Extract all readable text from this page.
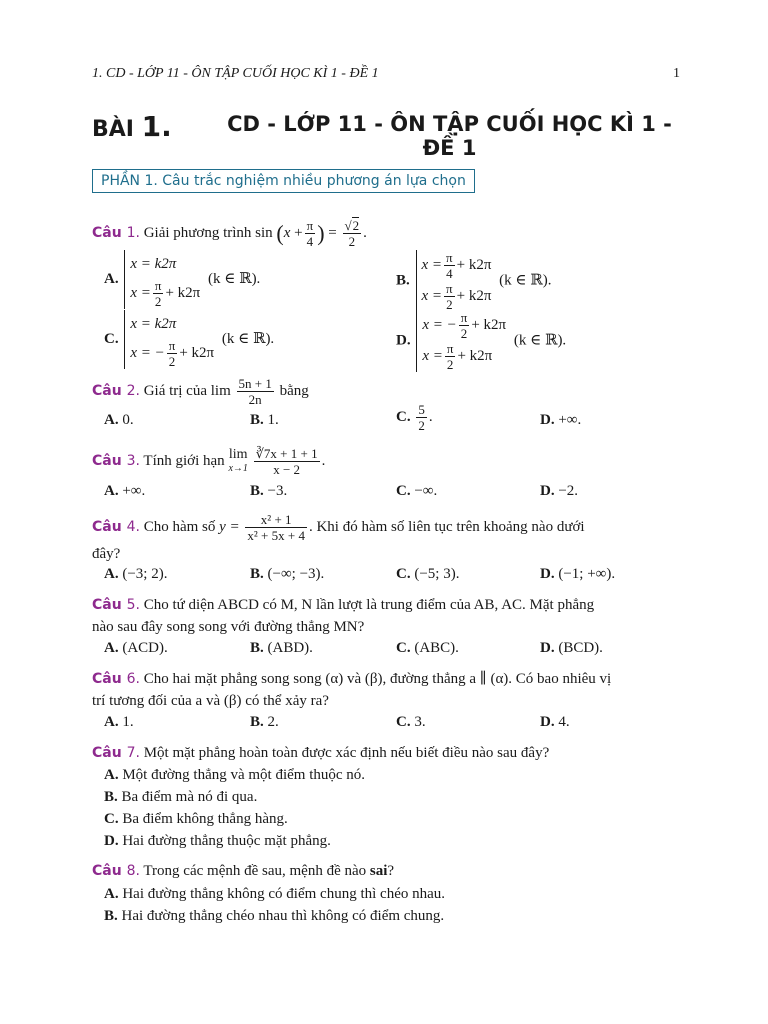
1. CD - LỚP 11 - ÔN TẬP CUỐI HỌC KÌ 1 - ĐỀ 1	1
BÀI 1.	CD - LỚP 11 - ÔN TẬP CUỐI HỌC KÌ 1 - ĐỀ 1
PHẦN 1. Câu trắc nghiệm nhiều phương án lựa chọn
Câu 1. Giải phương trình $\sin (x + \frac{\pi}{4}$ ) = $\frac{√2}{2}$ .
A.
x = k2π
$x = \frac{\pi}{2} + k2\pi$
(k ∈ ℝ).	B.
$x = \frac{\pi}{4} + k2\pi$
$x = \frac{\pi}{2} + k2\pi$
(k ∈ ℝ).
C.
x = k2π
x = − $\frac{\pi}{2} + k2\pi$
(k ∈ ℝ).	D.
x = − $\frac{\pi}{2} + k2\pi$
$x = \frac{\pi}{2} + k2\pi$
(k ∈ ℝ).
Câu 2. Giá trị của $\lim \frac{5n + 1}{2n}$ bằng
A. 0.	B. 1.	C. $\frac{5}{2}$ .	D. +∞.
Câu 3. Tính giới hạn lim
x→1
$\frac{∛7x + 1 + 1}{x - 2}$ .
A. +∞.	B. −3.	C. −∞.	D. −2.
Câu 4. Cho hàm số $y = \frac{\text{x² + 1}}{\text{x² + 5x + 4}}$ . Khi đó hàm số liên tục trên khoảng nào dưới
đây?
A. (−3; 2).	B. (−∞; −3).	C. (−5; 3).	D. (−1; +∞).
Câu 5. Cho tứ diện ABCD có M, N lần lượt là trung điểm của AB, AC. Mặt phẳng
nào sau đây song song với đường thẳng MN?
A. (ACD).	B. (ABD).	C. (ABC).	D. (BCD).
Câu 6. Cho hai mặt phẳng song song (α) và (β), đường thẳng a ∥ (α). Có bao nhiêu vị
trí tương đối của a và (β) có thể xảy ra?
A. 1.	B. 2.	C. 3.	D. 4.
Câu 7. Một mặt phẳng hoàn toàn được xác định nếu biết điều nào sau đây?
A. Một đường thẳng và một điểm thuộc nó.
B. Ba điểm mà nó đi qua.
C. Ba điểm không thẳng hàng.
D. Hai đường thẳng thuộc mặt phẳng.
Câu 8. Trong các mệnh đề sau, mệnh đề nào sai?
A. Hai đường thẳng không có điểm chung thì chéo nhau.
B. Hai đường thẳng chéo nhau thì không có điểm chung.
